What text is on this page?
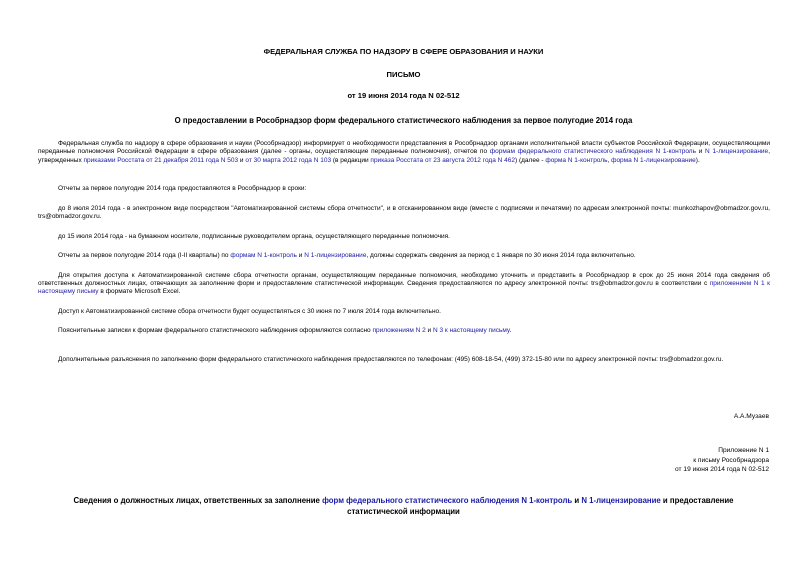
ФЕДЕРАЛЬНАЯ СЛУЖБА ПО НАДЗОРУ В СФЕРЕ ОБРАЗОВАНИЯ И НАУКИ
ПИСЬМО
от 19 июня 2014 года N 02-512
О предоставлении в Рособрнадзор форм федерального статистического наблюдения за первое полугодие 2014 года

Федеральная служба по надзору в сфере образования и науки (Рособрнадзор) информирует о необходимости представления в Рособрнадзор органами исполнительной власти субъектов Российской Федерации, осуществляющими переданные полномочия Российской Федерации в сфере образования (далее - органы, осуществляющие переданные полномочия), отчетов по формам федерального статистического наблюдения N 1-контроль и N 1-лицензирование, утвержденных приказами Росстата от 21 декабря 2011 года N 503 и от 30 марта 2012 года N 103 (в редакции приказа Росстата от 23 августа 2012 года N 462) (далее - форма N 1-контроль, форма N 1-лицензирование).

Отчеты за первое полугодие 2014 года предоставляются в Рособрнадзор в сроки:

до 8 июля 2014 года - в электронном виде посредством "Автоматизированной системы сбора отчетности", и в отсканированном виде (вместе с подписями и печатями) по адресам электронной почты: munkozhapov@obmadzor.gov.ru, trs@obmadzor.gov.ru.

до 15 июля 2014 года - на бумажном носителе, подписанные руководителем органа, осуществляющего переданные полномочия.

Отчеты за первое полугодие 2014 года (I-II кварталы) по формам N 1-контроль и N 1-лицензирование, должны содержать сведения за период с 1 января по 30 июня 2014 года включительно.

Для открытия доступа к Автоматизированной системе сбора отчетности органам, осуществляющим переданные полномочия, необходимо уточнить и представить в Рособрнадзор в срок до 25 июня 2014 года сведения об ответственных должностных лицах, отвечающих за заполнение форм и предоставление статистической информации. Сведения предоставляются по адресу электронной почты: trs@obmadzor.gov.ru в соответствии с приложением N 1 к настоящему письму в формате Microsoft Excel.

Доступ к Автоматизированной системе сбора отчетности будет осуществляться с 30 июня по 7 июля 2014 года включительно.

Пояснительные записки к формам федерального статистического наблюдения оформляются согласно приложениям N 2 и N 3 к настоящему письму.

Дополнительные разъяснения по заполнению форм федерального статистического наблюдения предоставляются по телефонам: (495) 608-18-54, (499) 372-15-80 или по адресу электронной почты: trs@obmadzor.gov.ru.

А.А.Музаев
Приложение N 1
к письму Рособрнадзора
от 19 июня 2014 года N 02-512
Сведения о должностных лицах, ответственных за заполнение форм федерального статистического наблюдения N 1-контроль и N 1-лицензирование и предоставление статистической информации
